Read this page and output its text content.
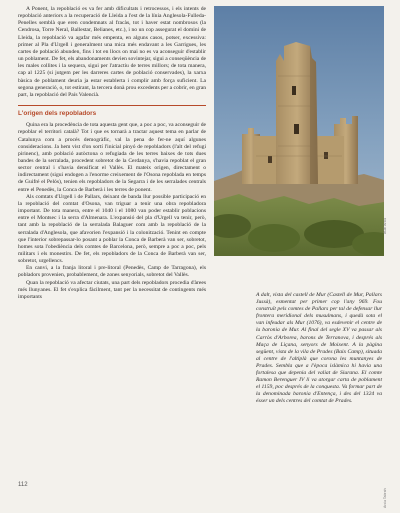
A Ponent, la repoblació es va fer amb dificultats i retrocessos, i els intents de repoblació anteriors a la recuperació de Lleida a l'est de la línia Anglesola-Fulleda-Penelles semblà que eren condemnats al fracàs, tot i haver estat nombrosos (la Cendrosa, Torre Neral, Ballestar, Belianes, etc.), i no un cop assegurat el domini de Lleida, la repoblació va agafar més empenta, en alguns casos, potser, excessiva: primer al Pla d'Urgell i generalment una mica més endavant a les Garrigues, les cartes de població abunden, fins i tot en llocs on mai no es va aconseguir d'establir un poblament. De fet, els abandonaments devien sovintejar, sigui a conseqüència de les males collites i la sequera, sigui per l'atractiu de terres millors; de tota manera, cap al 1225 (si jutgem per les darreres cartes de població conservades), la xarxa bàsica de poblament deuria ja estar establerta i complir amb força suficient. La segona generació, o, tot estirant, la tercera donà prou excedents per a cobrir, en gran part, la repoblació del País Valencià.

L'origen dels repobladors

Quina era la procedència de tota aquesta gent que, a poc a poc, va aconseguir de repoblar el territori català? Tot i que es tornarà a tractar aquest tema en parlar de Catalunya com a procés demogràfic, val la pena de fer-ne aquí algunes consideracions. Ja hem vist d'on sortí l'inicial pinyó de repobladors (l'alt del refugi pirinenc), amb població autòctona o refugiada de les terres baixes de tots dues bandes de la serralada, procedent sobretot de la Cerdanya, s'havia repoblat el gran sector central i s'havia densificat el Vallès. El mateix origen, directament o indirectament (sigui endogen a l'enorme creixement de l'Osona repoblada en temps de Guifré el Pelós), tenien els repobladors de la Segarra i de les serralades centrals entre el Penedès, la Conca de Barberà i les terres de ponent.

Als comtats d'Urgell i de Pallars, deixant de banda llur possible participació en la repoblació del comtat d'Osona, van triguar a tenir una obra repobladora important. De tota manera, entre el 1040 i el 1080 van poder establir poblacions entre el Montsec i la serra d'Almenara. L'expansió del pla d'Urgell va tenir, però, tant amb la repoblació de la serralada Balaguer com amb la repoblació de la serralada d'Anglesola, que afavorien l'expansió i la colonització. Tenint en compte que l'interior sobrepassar-lo posant a poblar la Conca de Barberà van ser, sobretot, homes sota l'obediència dels comtes de Barcelona, però, sempre a poc a poc, pels militars i els monestirs. De fet, els repobladors de la Conca de Barberà van ser, sobretot, urgellencs.

En canvi, a la franja litoral i pre-litoral (Penedès, Camp de Tarragona), els pobladors provenien, probablement, de zones senyorials, sobretot del Vallès.

Quan la repoblació va afectar ciutats, una part dels repobladors procedia d'àrees més llunyanes. El fet s'explica fàcilment, tant per la necessitat de contingents més importants

AGE Arxiu
A dalt, vista del castell de Mur (Castell de Mur, Pallars Jussà), esmentat per primer cop l'any 969. Fou construït pels comtes de Pallars per tal de defensar llur frontera meridional dels musulmans, i quedà sota el van infeudar als Mur (1076), va esdevenir el centre de la baronia de Mur. Al final del segle XV va passar als Carròs d'Arborea, barons de Terranova, i després als Maça de Liçana, senyors de Moixent. A la pàgina següent, vista de la vila de Prades (Baix Camp), situada al centre de l'altiplà que corona les muntanyes de Prades. Sembla que a l'època islàmica hi havia una fortalesa que depenia del valiat de Siurana. El comte Ramon Berenguer IV li va atorgar carta de poblament el 1159, poc després de la conquesta. Va formar part de la denominada baronia d'Entença, i des del 1324 va ésser un dels centres del comtat de Prades.
112
Arxiu Tabrah
